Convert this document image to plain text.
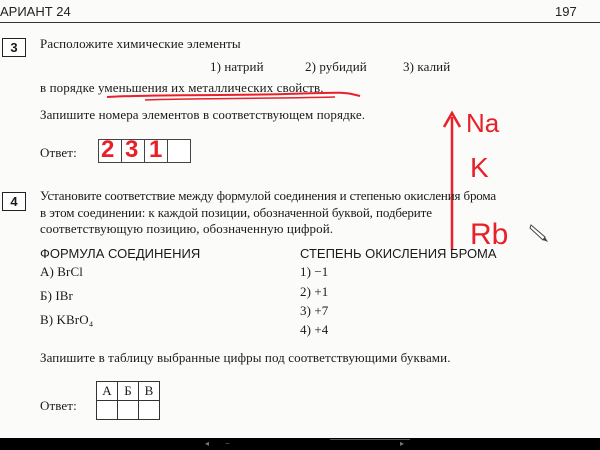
АРИАНТ 24	197
3	Расположите химические элементы
1) натрий	2) рубидий	3) калий
в порядке уменьшения их металлических свойств.
Запишите номера элементов в соответствующем порядке.
Ответ: 2 3 1
Na
K
Rb
4	Установите соответствие между формулой соединения и степенью окисления брома
в этом соединении: к каждой позиции, обозначенной буквой, подберите
соответствующую позицию, обозначенную цифрой.
ФОРМУЛА СОЕДИНЕНИЯ	СТЕПЕНЬ ОКИСЛЕНИЯ БРОМА
А) BrCl
Б) IBr
В) KBrO₄
1) −1
2) +1
3) +7
4) +4
Запишите в таблицу выбранные цифры под соответствующими буквами.
Ответ:
А	Б	В

◂ −	▸
